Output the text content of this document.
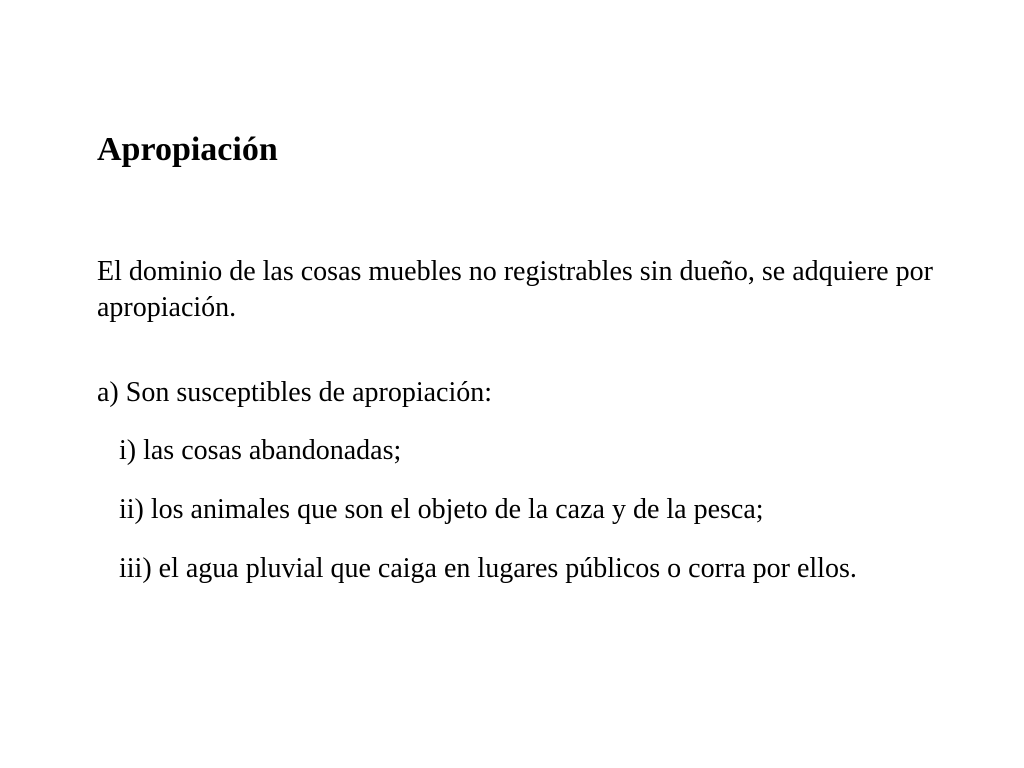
Apropiación
El dominio de las cosas muebles no registrables sin dueño, se adquiere por apropiación.
a) Son susceptibles de apropiación:
i) las cosas abandonadas;
ii) los animales que son el objeto de la caza y de la pesca;
iii) el agua pluvial que caiga en lugares públicos o corra por ellos.
